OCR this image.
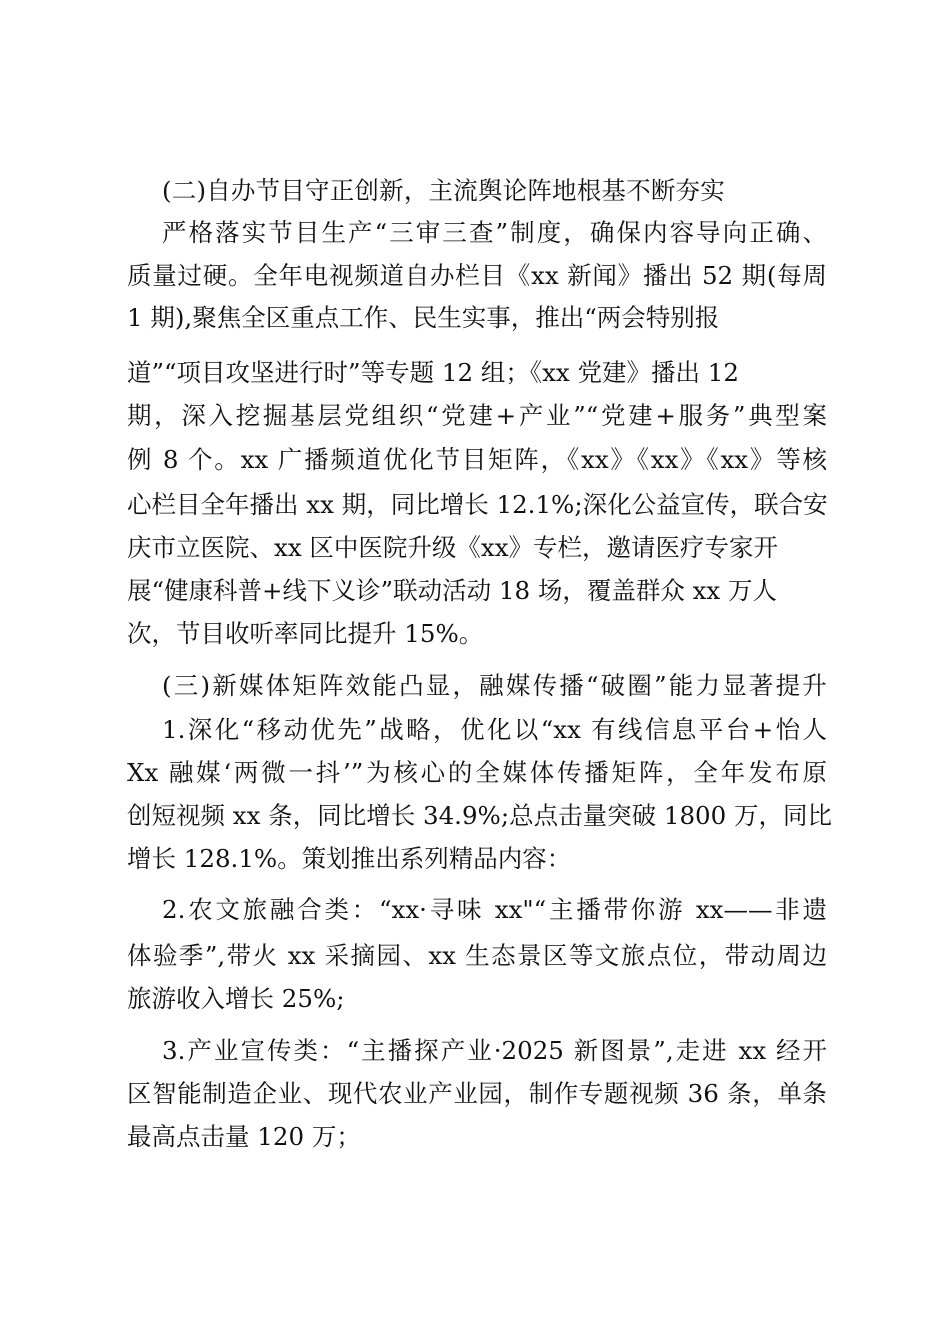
(二)自办节目守正创新，主流舆论阵地根基不断夯实
严格落实节目生产“三审三查”制度，确保内容导向正确、
质量过硬。全年电视频道自办栏目《xx 新闻》播出 52 期(每周
1 期),聚焦全区重点工作、民生实事，推出“两会特别报
道”“项目攻坚进行时”等专题 12 组；《xx 党建》播出 12
期，深入挖掘基层党组织“党建+产业”“党建+服务”典型案
例 8 个。xx 广播频道优化节目矩阵，《xx》《xx》《xx》等核
心栏目全年播出 xx 期，同比增长 12.1%;深化公益宣传，联合安
庆市立医院、xx 区中医院升级《xx》专栏，邀请医疗专家开
展“健康科普+线下义诊”联动活动 18 场，覆盖群众 xx 万人
次，节目收听率同比提升 15%。
(三)新媒体矩阵效能凸显，融媒传播“破圈”能力显著提升
1.深化“移动优先”战略，优化以“xx 有线信息平台+怡人
Xx 融媒‘两微一抖’”为核心的全媒体传播矩阵，全年发布原
创短视频 xx 条，同比增长 34.9%;总点击量突破 1800 万，同比
增长 128.1%。策划推出系列精品内容：
2.农文旅融合类：“xx·寻味 xx"“主播带你游 xx——非遗
体验季”,带火 xx 采摘园、xx 生态景区等文旅点位，带动周边
旅游收入增长 25%;
3.产业宣传类：“主播探产业·2025 新图景”,走进 xx 经开
区智能制造企业、现代农业产业园，制作专题视频 36 条，单条
最高点击量 120 万；
